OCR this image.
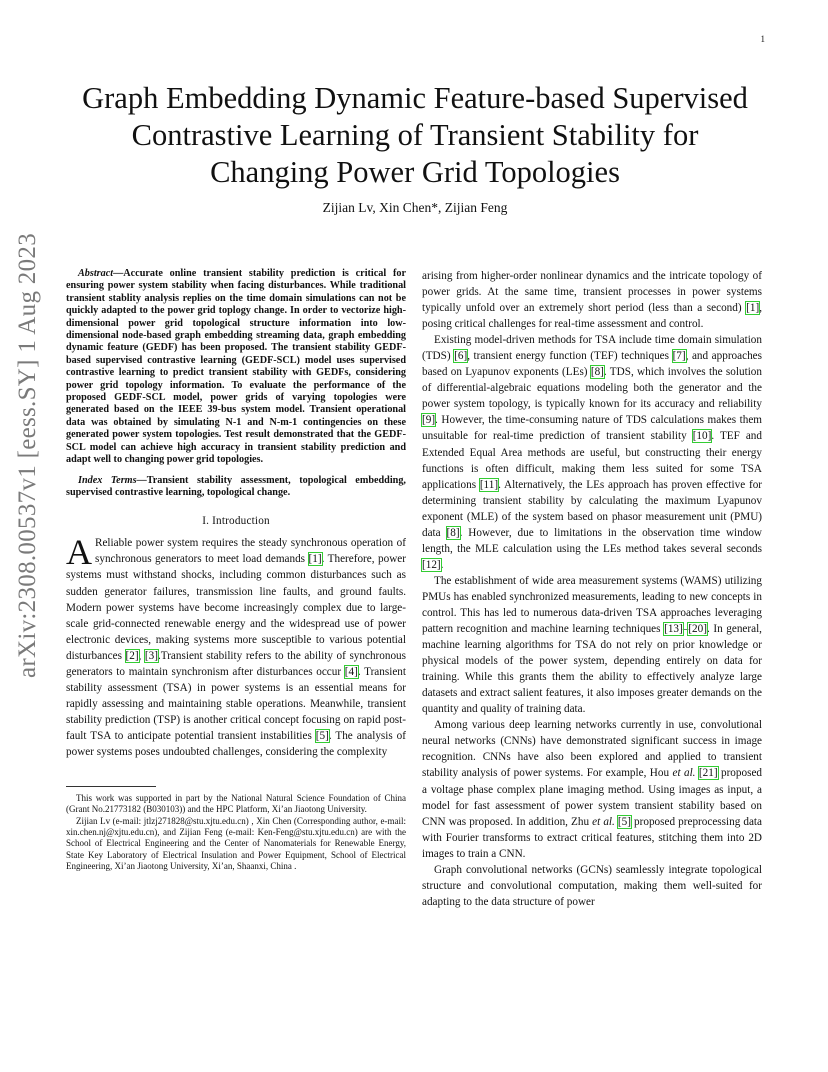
1
arXiv:2308.00537v1 [eess.SY] 1 Aug 2023
Graph Embedding Dynamic Feature-based Supervised Contrastive Learning of Transient Stability for Changing Power Grid Topologies
Zijian Lv, Xin Chen*, Zijian Feng

Abstract—Accurate online transient stability prediction is critical for ensuring power system stability when facing disturbances. While traditional transient stablity analysis replies on the time domain simulations can not be quickly adapted to the power grid toplogy change. In order to vectorize high-dimensional power grid topological structure information into low-dimensional node-based graph embedding streaming data, graph embedding dynamic feature (GEDF) has been proposed. The transient stability GEDF-based supervised contrastive learning (GEDF-SCL) model uses supervised contrastive learning to predict transient stability with GEDFs, considering power grid topology information. To evaluate the performance of the proposed GEDF-SCL model, power grids of varying topologies were generated based on the IEEE 39-bus system model. Transient operational data was obtained by simulating N-1 and N-m-1 contingencies on these generated power system topologies. Test result demonstrated that the GEDF-SCL model can achieve high accuracy in transient stability prediction and adapt well to changing power grid topologies.

Index Terms—Transient stability assessment, topological embedding, supervised contrastive learning, topological change.

I. Introduction

A Reliable power system requires the steady synchronous operation of synchronous generators to meet load demands [1]. Therefore, power systems must withstand shocks, including common disturbances such as sudden generator failures, transmission line faults, and ground faults. Modern power systems have become increasingly complex due to large-scale grid-connected renewable energy and the widespread use of power electronic devices, making systems more susceptible to various potential disturbances [2], [3].Transient stability refers to the ability of synchronous generators to maintain synchronism after disturbances occur [4]. Transient stability assessment (TSA) in power systems is an essential means for rapidly assessing and maintaining stable operations. Meanwhile, transient stability prediction (TSP) is another critical concept focusing on rapid post-fault TSA to anticipate potential transient instabilities [5]. The analysis of power systems poses undoubted challenges, considering the complexity

This work was supported in part by the National Natural Science Foundation of China (Grant No.21773182 (B030103)) and the HPC Platform, Xi’an Jiaotong University.

Zijian Lv (e-mail: jtlzj271828@stu.xjtu.edu.cn) , Xin Chen (Corresponding author, e-mail: xin.chen.nj@xjtu.edu.cn), and Zijian Feng (e-mail: Ken-Feng@stu.xjtu.edu.cn) are with the School of Electrical Engineering and the Center of Nanomaterials for Renewable Energy, State Key Laboratory of Electrical Insulation and Power Equipment, School of Electrical Engineering, Xi’an Jiaotong University, Xi’an, Shaanxi, China .

arising from higher-order nonlinear dynamics and the intricate topology of power grids. At the same time, transient processes in power systems typically unfold over an extremely short period (less than a second) [1], posing critical challenges for real-time assessment and control.

Existing model-driven methods for TSA include time domain simulation (TDS) [6], transient energy function (TEF) techniques [7], and approaches based on Lyapunov exponents (LEs) [8]. TDS, which involves the solution of differential-algebraic equations modeling both the generator and the power system topology, is typically known for its accuracy and reliability [9]. However, the time-consuming nature of TDS calculations makes them unsuitable for real-time prediction of transient stability [10]. TEF and Extended Equal Area methods are useful, but constructing their energy functions is often difficult, making them less suited for some TSA applications [11]. Alternatively, the LEs approach has proven effective for determining transient stability by calculating the maximum Lyapunov exponent (MLE) of the system based on phasor measurement unit (PMU) data [8]. However, due to limitations in the observation time window length, the MLE calculation using the LEs method takes several seconds [12].

The establishment of wide area measurement systems (WAMS) utilizing PMUs has enabled synchronized measurements, leading to new concepts in control. This has led to numerous data-driven TSA approaches leveraging pattern recognition and machine learning techniques [13]–[20]. In general, machine learning algorithms for TSA do not rely on prior knowledge or physical models of the power system, depending entirely on data for training. While this grants them the ability to effectively analyze large datasets and extract salient features, it also imposes greater demands on the quantity and quality of training data.

Among various deep learning networks currently in use, convolutional neural networks (CNNs) have demonstrated significant success in image recognition. CNNs have also been explored and applied to transient stability analysis of power systems. For example, Hou et al. [21] proposed a voltage phase complex plane imaging method. Using images as input, a model for fast assessment of power system transient stability based on CNN was proposed. In addition, Zhu et al. [5] proposed preprocessing data with Fourier transforms to extract critical features, stitching them into 2D images to train a CNN.

Graph convolutional networks (GCNs) seamlessly integrate topological structure and convolutional computation, making them well-suited for adapting to the data structure of power
